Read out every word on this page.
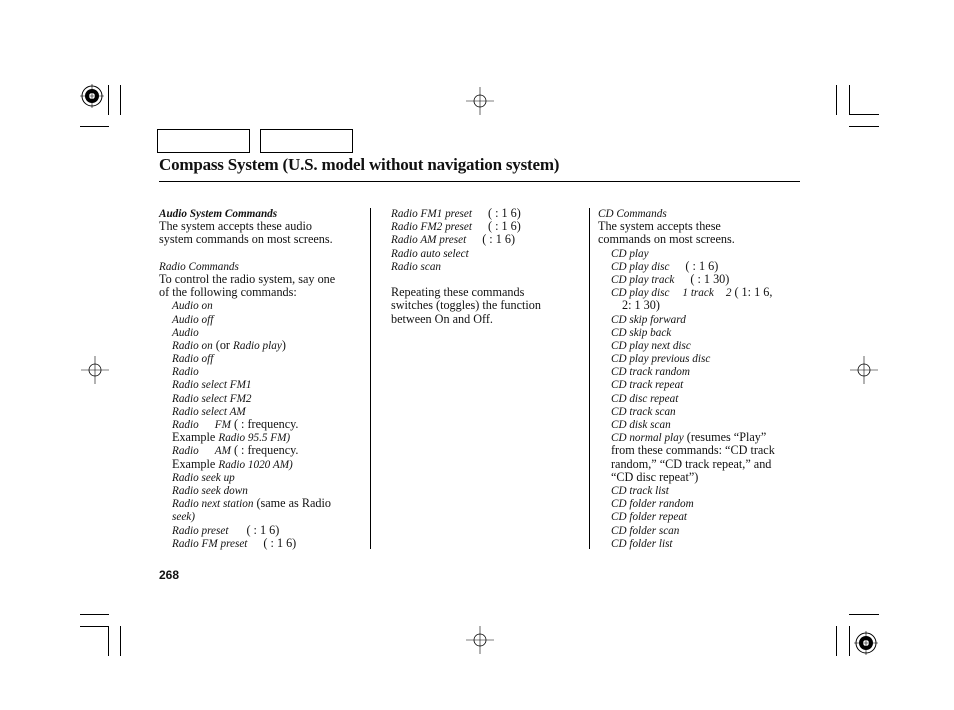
Compass System (U.S. model without navigation system)
Audio System Commands
The system accepts these audio
system commands on most screens.
Radio Commands
To control the radio system, say one
of the following commands:
Audio on
Audio off
Audio
Radio on (or Radio play)
Radio off
Radio
Radio select FM1
Radio select FM2
Radio select AM
Radio FM ( : frequency.
Example Radio 95.5 FM)
Radio AM ( : frequency.
Example Radio 1020 AM)
Radio seek up
Radio seek down
Radio next station (same as Radio
seek)
Radio preset ( : 1 6)
Radio FM preset ( : 1 6)
Radio FM1 preset ( : 1 6)
Radio FM2 preset ( : 1 6)
Radio AM preset ( : 1 6)
Radio auto select
Radio scan
Repeating these commands
switches (toggles) the function
between On and Off.
CD Commands
The system accepts these
commands on most screens.
CD play
CD play disc ( : 1 6)
CD play track ( : 1 30)
CD play disc 1 track 2 ( 1: 1 6,
2: 1 30)
CD skip forward
CD skip back
CD play next disc
CD play previous disc
CD track random
CD track repeat
CD disc repeat
CD track scan
CD disk scan
CD normal play (resumes “Play”
from these commands: “CD track
random,” “CD track repeat,” and
“CD disc repeat”)
CD track list
CD folder random
CD folder repeat
CD folder scan
CD folder list
268
